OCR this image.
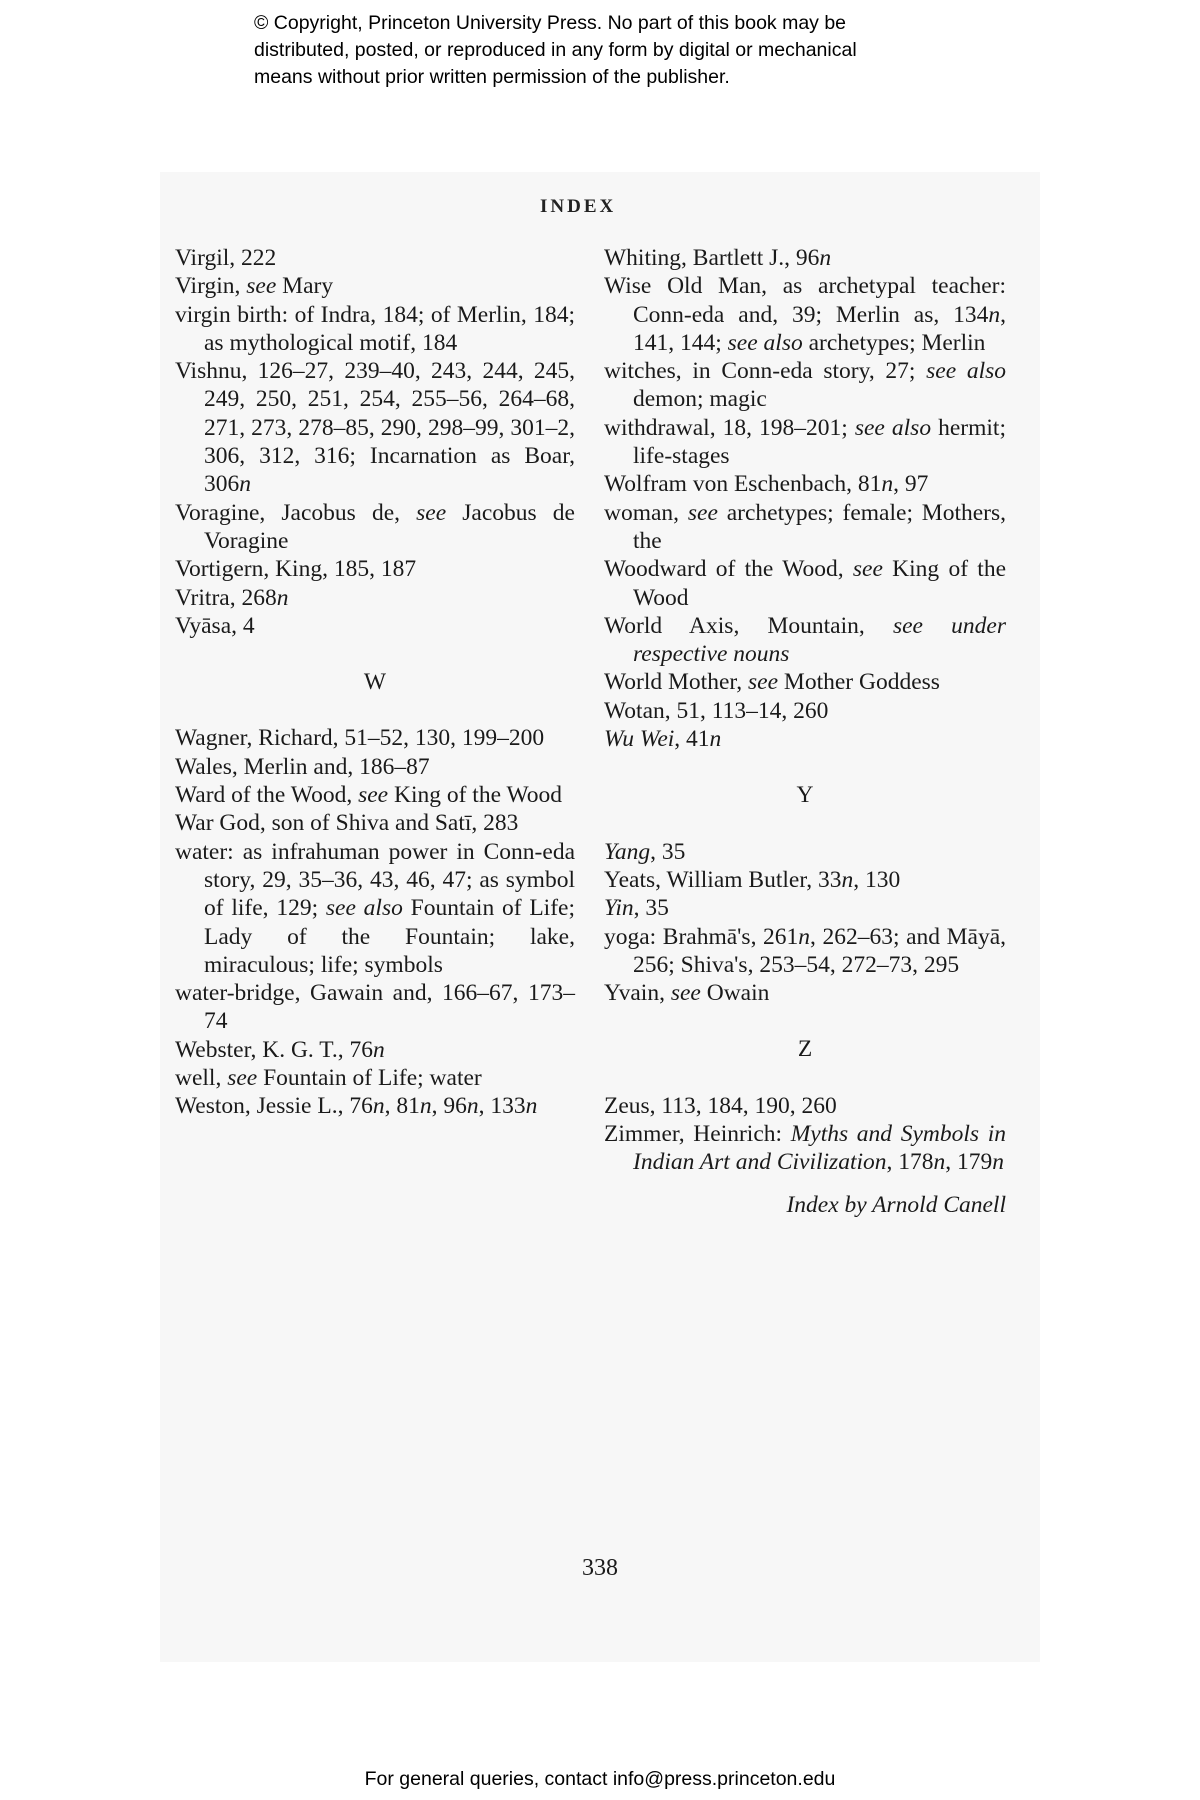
© Copyright, Princeton University Press. No part of this book may be
distributed, posted, or reproduced in any form by digital or mechanical
means without prior written permission of the publisher.
INDEX
Virgil, 222
Virgin, see Mary
virgin birth: of Indra, 184; of Merlin, 184; as mythological motif, 184
Vishnu, 126–27, 239–40, 243, 244, 245, 249, 250, 251, 254, 255–56, 264–68, 271, 273, 278–85, 290, 298–99, 301–2, 306, 312, 316; Incarnation as Boar, 306n
Voragine, Jacobus de, see Jacobus de Voragine
Vortigern, King, 185, 187
Vritra, 268n
Vyāsa, 4
W
Wagner, Richard, 51–52, 130, 199–200
Wales, Merlin and, 186–87
Ward of the Wood, see King of the Wood
War God, son of Shiva and Satī, 283
water: as infrahuman power in Conn-eda story, 29, 35–36, 43, 46, 47; as symbol of life, 129; see also Fountain of Life; Lady of the Fountain; lake, miraculous; life; symbols
water-bridge, Gawain and, 166–67, 173–74
Webster, K. G. T., 76n
well, see Fountain of Life; water
Weston, Jessie L., 76n, 81n, 96n, 133n
Whiting, Bartlett J., 96n
Wise Old Man, as archetypal teacher: Conn-eda and, 39; Merlin as, 134n, 141, 144; see also archetypes; Merlin
witches, in Conn-eda story, 27; see also demon; magic
withdrawal, 18, 198–201; see also hermit; life-stages
Wolfram von Eschenbach, 81n, 97
woman, see archetypes; female; Mothers, the
Woodward of the Wood, see King of the Wood
World Axis, Mountain, see under respective nouns
World Mother, see Mother Goddess
Wotan, 51, 113–14, 260
Wu Wei, 41n
Y
Yang, 35
Yeats, William Butler, 33n, 130
Yin, 35
yoga: Brahmā's, 261n, 262–63; and Māyā, 256; Shiva's, 253–54, 272–73, 295
Yvain, see Owain
Z
Zeus, 113, 184, 190, 260
Zimmer, Heinrich: Myths and Symbols in Indian Art and Civilization, 178n, 179n
Index by Arnold Canell
338
For general queries, contact info@press.princeton.edu
